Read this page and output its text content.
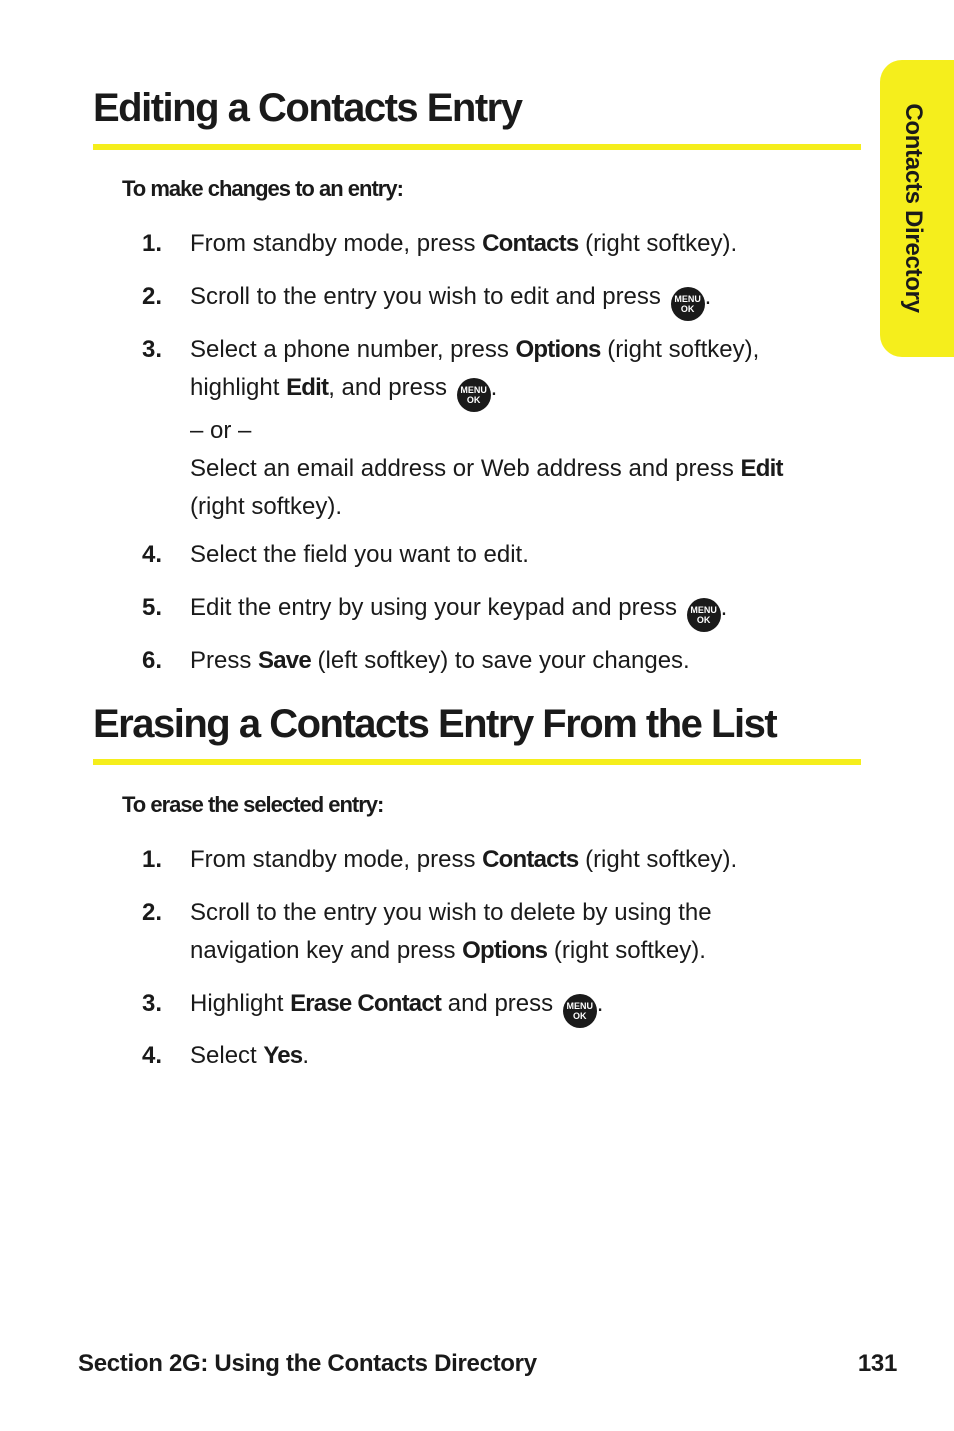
Contacts Directory
Editing a Contacts Entry
To make changes to an entry:
1. From standby mode, press Contacts (right softkey).
2. Scroll to the entry you wish to edit and press MENU
OK .
3. Select a phone number, press Options (right softkey), highlight Edit, and press MENU
OK .
– or –
Select an email address or Web address and press Edit (right softkey).
4. Select the field you want to edit.
5. Edit the entry by using your keypad and press MENU
OK .
6. Press Save (left softkey) to save your changes.
Erasing a Contacts Entry From the List
To erase the selected entry:
1. From standby mode, press Contacts (right softkey).
2. Scroll to the entry you wish to delete by using the navigation key and press Options (right softkey).
3. Highlight Erase Contact and press MENU
OK .
4. Select Yes.
Section 2G: Using the Contacts Directory	131
